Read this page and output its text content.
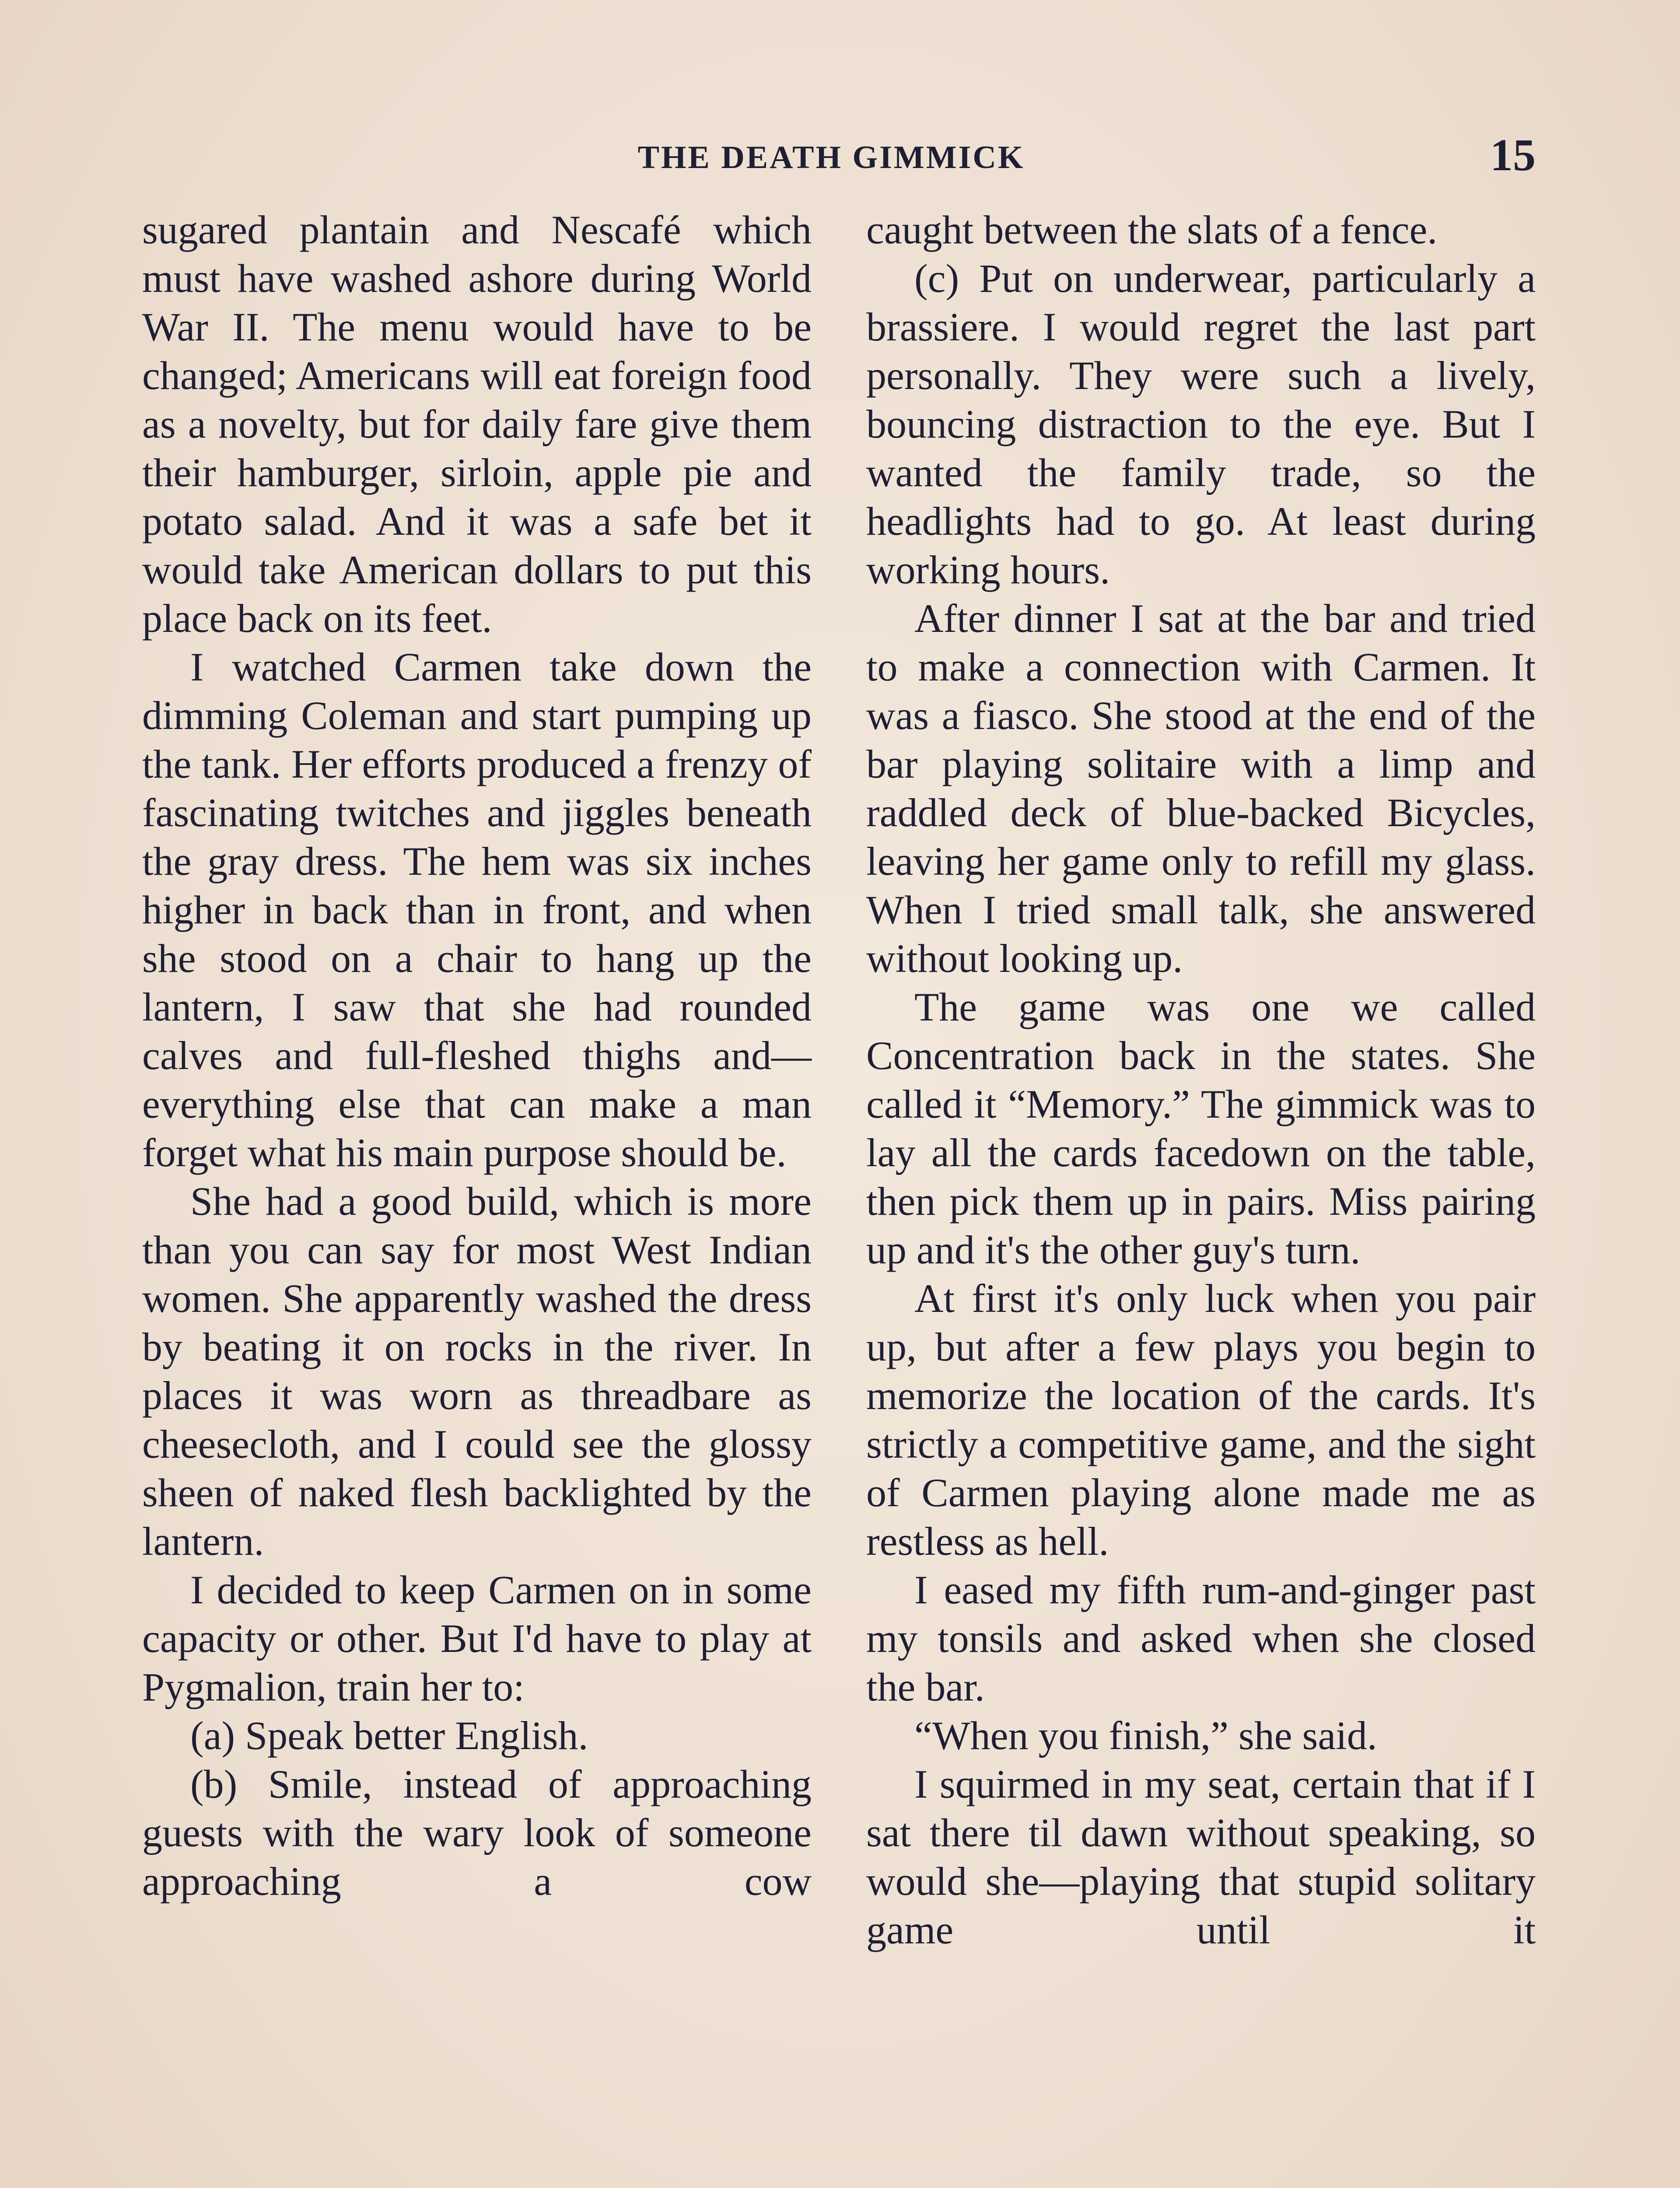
THE DEATH GIMMICK	15

sugared plantain and Nescafé which must have washed ashore during World War II. The menu would have to be changed; Americans will eat foreign food as a novelty, but for daily fare give them their hamburger, sirloin, apple pie and potato salad. And it was a safe bet it would take American dollars to put this place back on its feet.

I watched Carmen take down the dimming Coleman and start pumping up the tank. Her efforts produced a frenzy of fascinating twitches and jiggles beneath the gray dress. The hem was six inches higher in back than in front, and when she stood on a chair to hang up the lantern, I saw that she had rounded calves and full-fleshed thighs and—everything else that can make a man forget what his main purpose should be.

She had a good build, which is more than you can say for most West Indian women. She apparently washed the dress by beating it on rocks in the river. In places it was worn as threadbare as cheesecloth, and I could see the glossy sheen of naked flesh backlighted by the lantern.

I decided to keep Carmen on in some capacity or other. But I'd have to play at Pygmalion, train her to:

(a) Speak better English.

(b) Smile, instead of approaching guests with the wary look of someone approaching a cow

caught between the slats of a fence.

(c) Put on underwear, particularly a brassiere. I would regret the last part personally. They were such a lively, bouncing distraction to the eye. But I wanted the family trade, so the headlights had to go. At least during working hours.

After dinner I sat at the bar and tried to make a connection with Carmen. It was a fiasco. She stood at the end of the bar playing solitaire with a limp and raddled deck of blue-backed Bicycles, leaving her game only to refill my glass. When I tried small talk, she answered without looking up.

The game was one we called Concentration back in the states. She called it “Memory.” The gimmick was to lay all the cards facedown on the table, then pick them up in pairs. Miss pairing up and it's the other guy's turn.

At first it's only luck when you pair up, but after a few plays you begin to memorize the location of the cards. It's strictly a competitive game, and the sight of Carmen playing alone made me as restless as hell.

I eased my fifth rum-and-ginger past my tonsils and asked when she closed the bar.

“When you finish,” she said.

I squirmed in my seat, certain that if I sat there til dawn without speaking, so would she—playing that stupid solitary game until it
